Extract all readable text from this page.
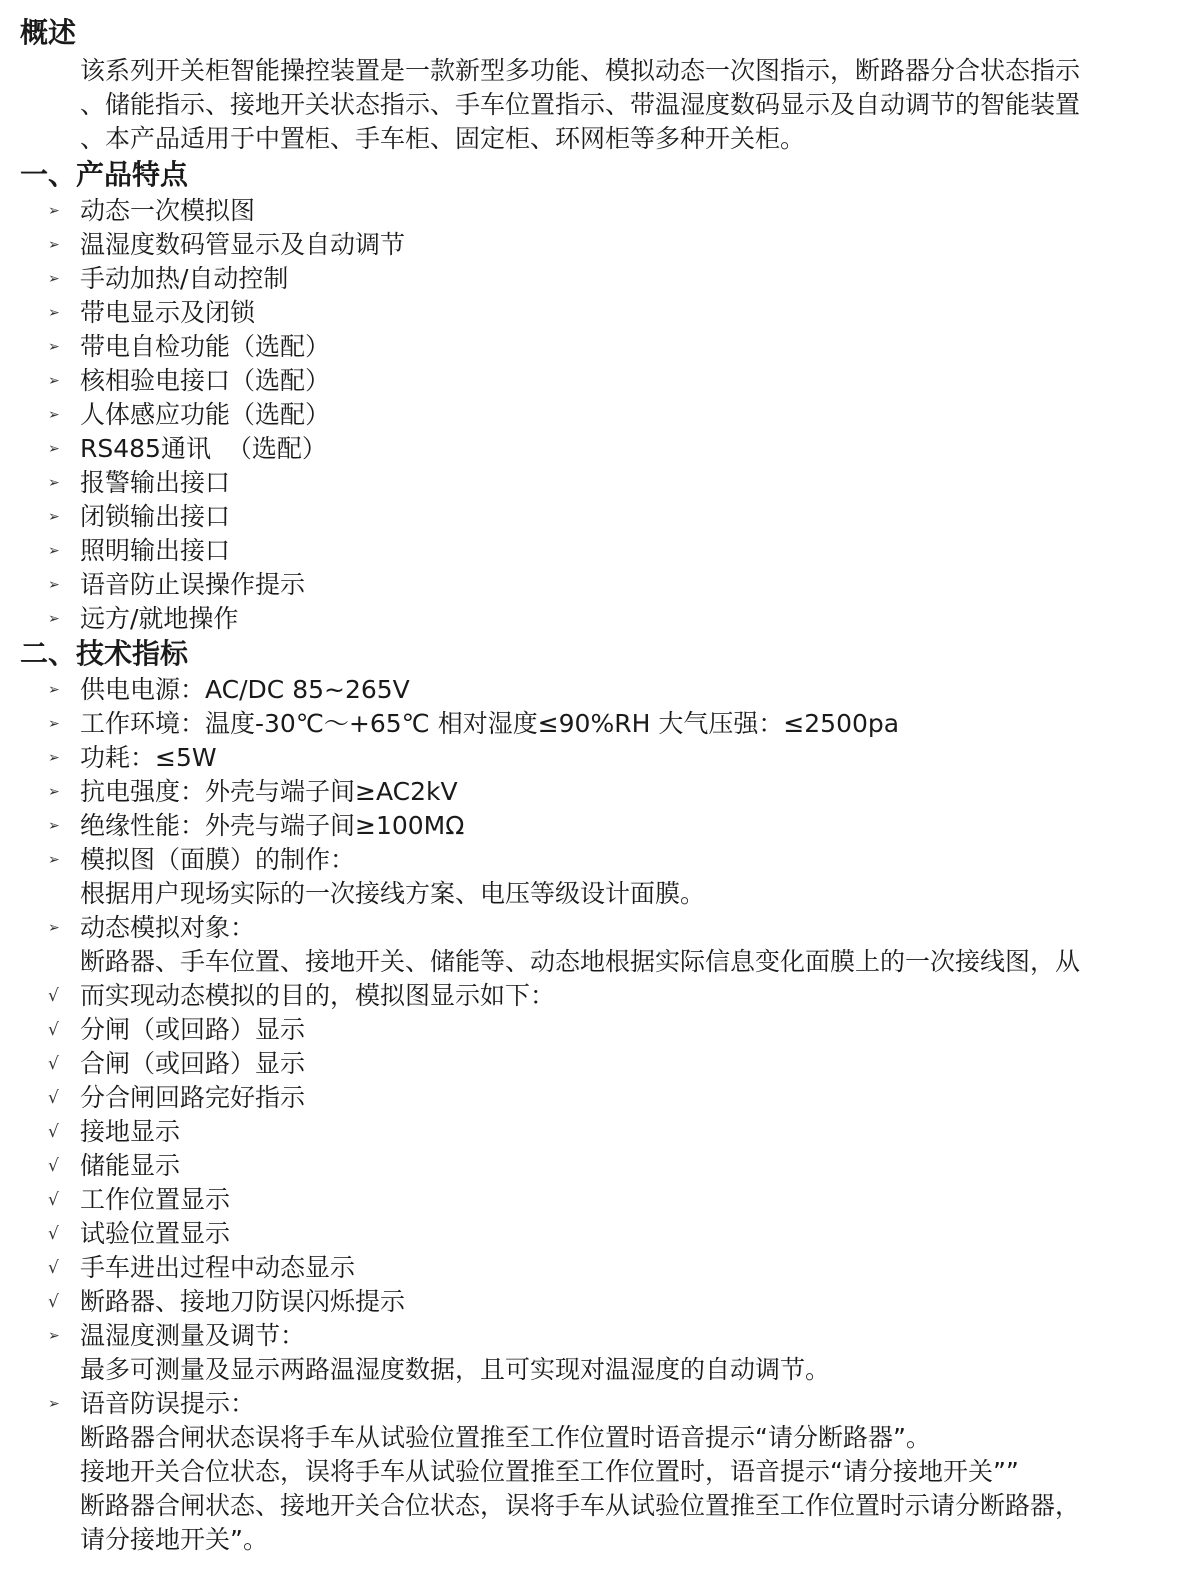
概述
该系列开关柜智能操控装置是一款新型多功能、模拟动态一次图指示，断路器分合状态指示
、储能指示、接地开关状态指示、手车位置指示、带温湿度数码显示及自动调节的智能装置
、本产品适用于中置柜、手车柜、固定柜、环网柜等多种开关柜。
一、产品特点
➢ 动态一次模拟图
➢ 温湿度数码管显示及自动调节
➢ 手动加热/自动控制
➢ 带电显示及闭锁
➢ 带电自检功能（选配）
➢ 核相验电接口（选配）
➢ 人体感应功能（选配）
➢ RS485通讯  （选配）
➢ 报警输出接口
➢ 闭锁输出接口
➢ 照明输出接口
➢ 语音防止误操作提示
➢ 远方/就地操作
二、技术指标
➢ 供电电源：AC/DC 85~265V
➢ 工作环境：温度-30℃～+65℃ 相对湿度≤90%RH 大气压强：≤2500pa
➢ 功耗：≤5W
➢ 抗电强度：外壳与端子间≥AC2kV
➢ 绝缘性能：外壳与端子间≥100MΩ
➢ 模拟图（面膜）的制作：
根据用户现场实际的一次接线方案、电压等级设计面膜。
➢ 动态模拟对象：
断路器、手车位置、接地开关、储能等、动态地根据实际信息变化面膜上的一次接线图，从
√ 而实现动态模拟的目的，模拟图显示如下：
√ 分闸（或回路）显示
√ 合闸（或回路）显示
√ 分合闸回路完好指示
√ 接地显示
√ 储能显示
√ 工作位置显示
√ 试验位置显示
√ 手车进出过程中动态显示
√ 断路器、接地刀防误闪烁提示
➢ 温湿度测量及调节：
最多可测量及显示两路温湿度数据，且可实现对温湿度的自动调节。
➢ 语音防误提示：
断路器合闸状态误将手车从试验位置推至工作位置时语音提示“请分断路器”。
接地开关合位状态，误将手车从试验位置推至工作位置时，语音提示“请分接地开关””
断路器合闸状态、接地开关合位状态，误将手车从试验位置推至工作位置时示请分断路器，
请分接地开关”。
